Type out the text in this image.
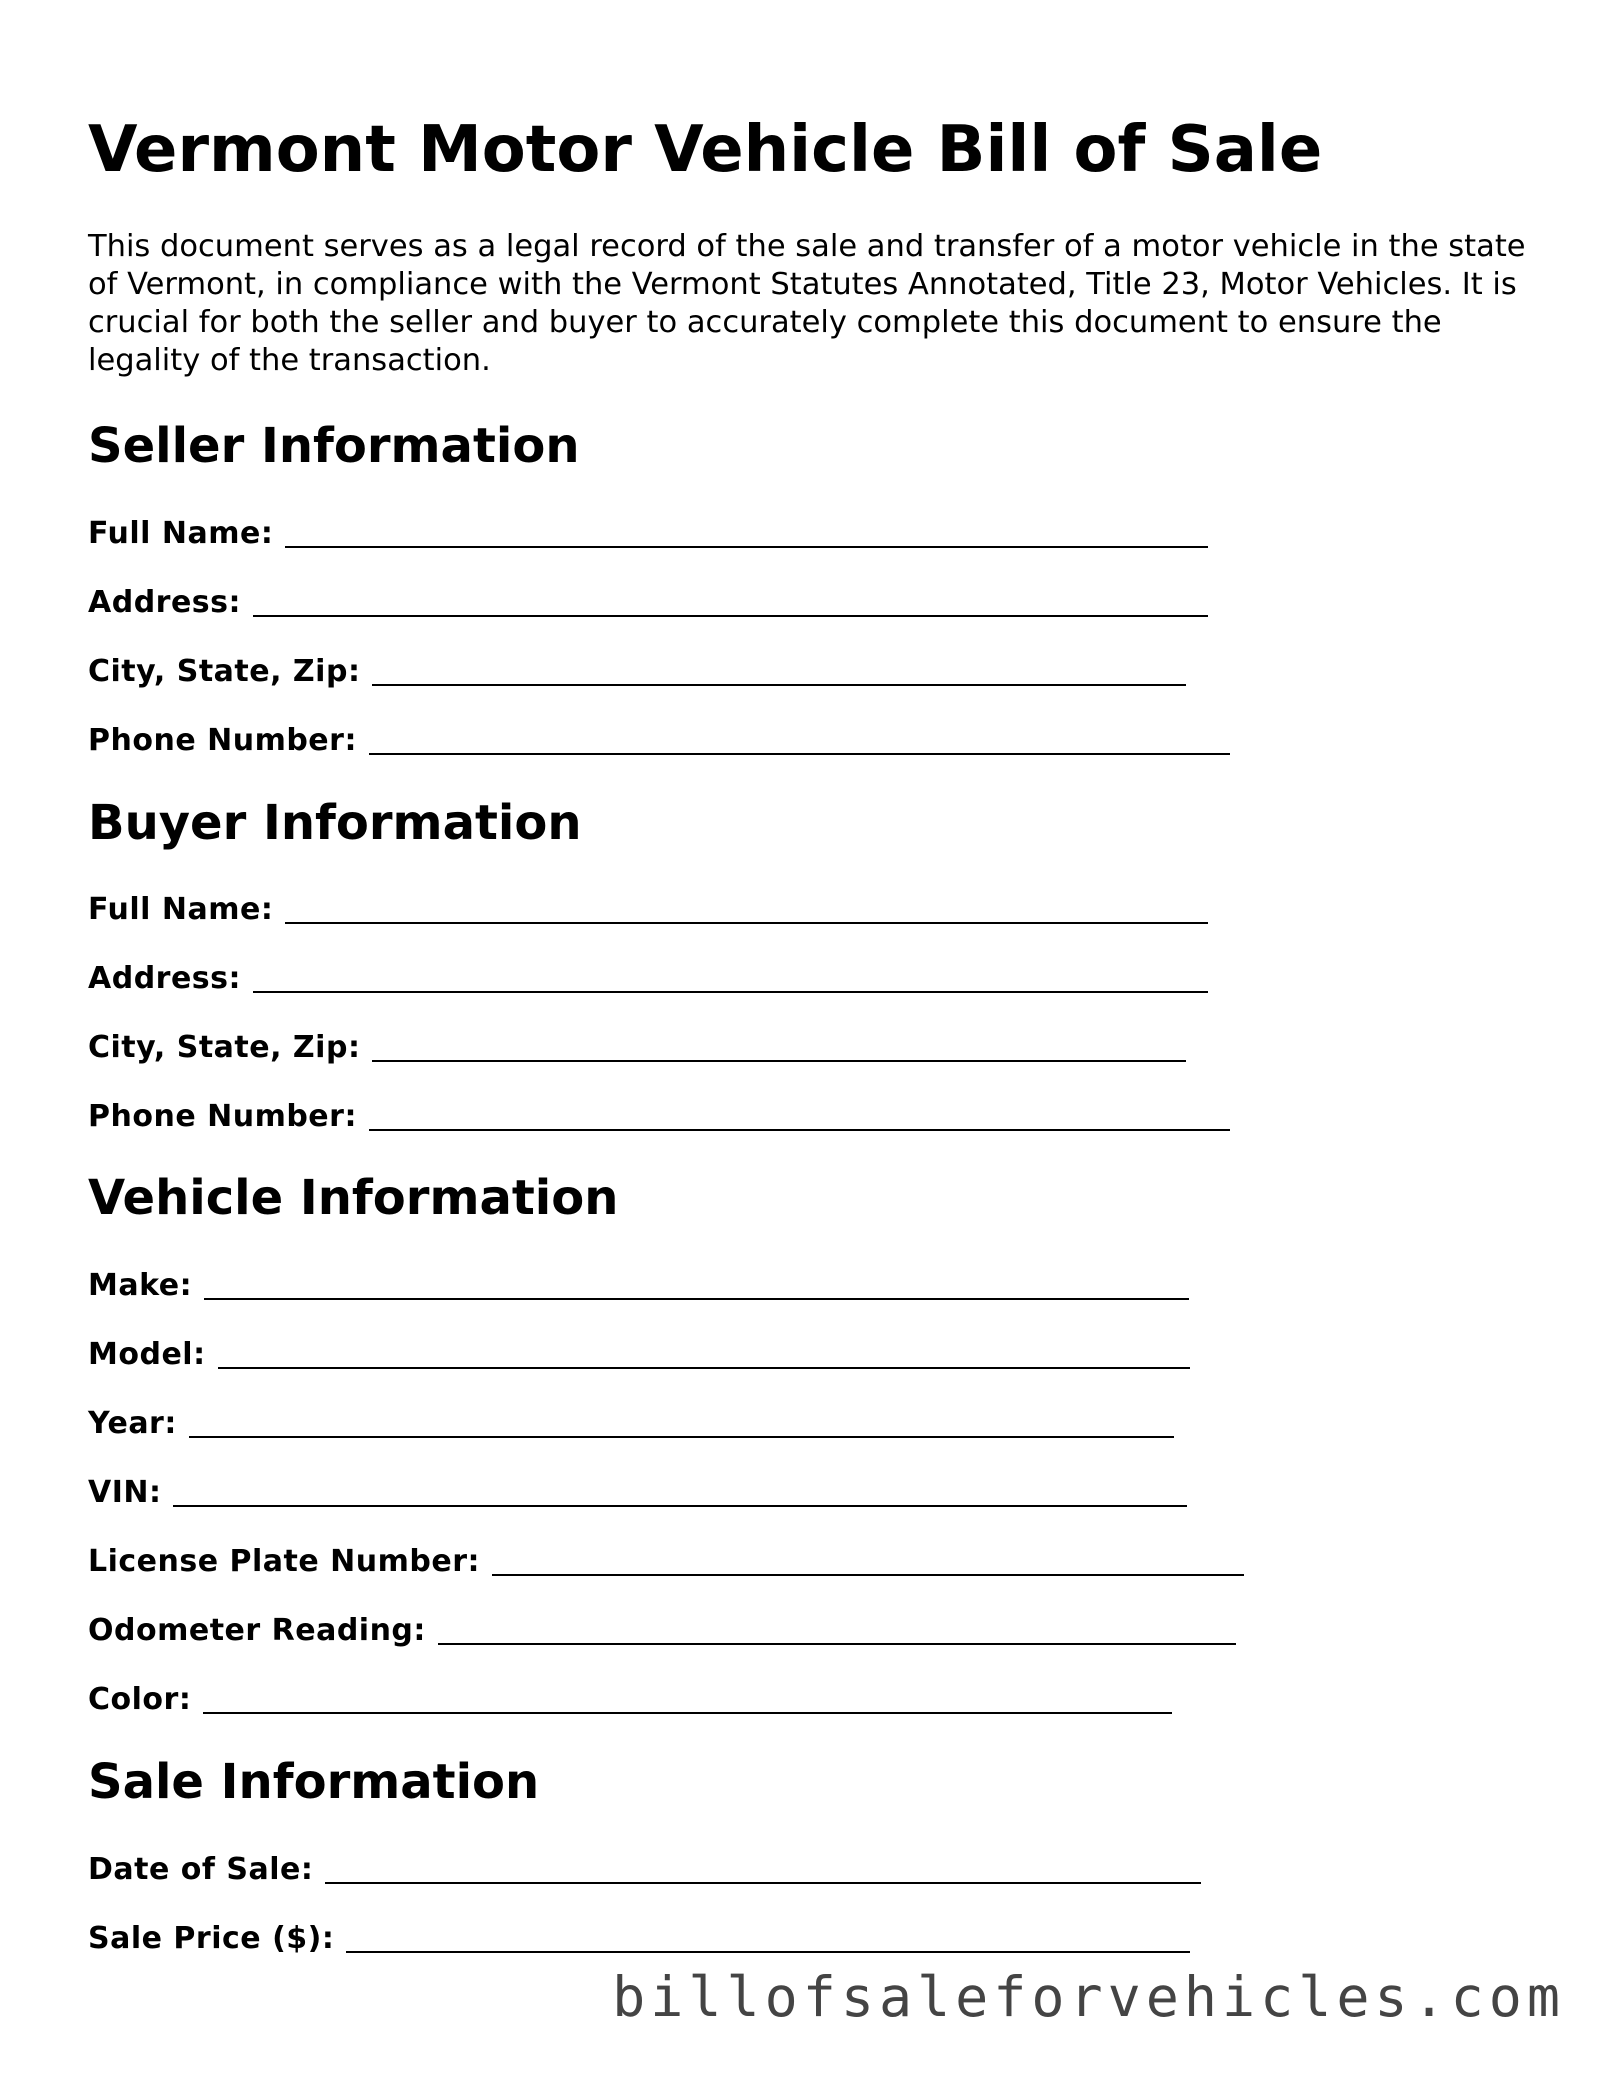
Vermont Motor Vehicle Bill of Sale

This document serves as a legal record of the sale and transfer of a motor vehicle in the state of Vermont, in compliance with the Vermont Statutes Annotated, Title 23, Motor Vehicles. It is crucial for both the seller and buyer to accurately complete this document to ensure the legality of the transaction.

Seller Information
Full Name:
Address:
City, State, Zip:
Phone Number:
Buyer Information
Full Name:
Address:
City, State, Zip:
Phone Number:
Vehicle Information
Make:
Model:
Year:
VIN:
License Plate Number:
Odometer Reading:
Color:
Sale Information
Date of Sale:
Sale Price ($):
billofsaleforvehicles.com
